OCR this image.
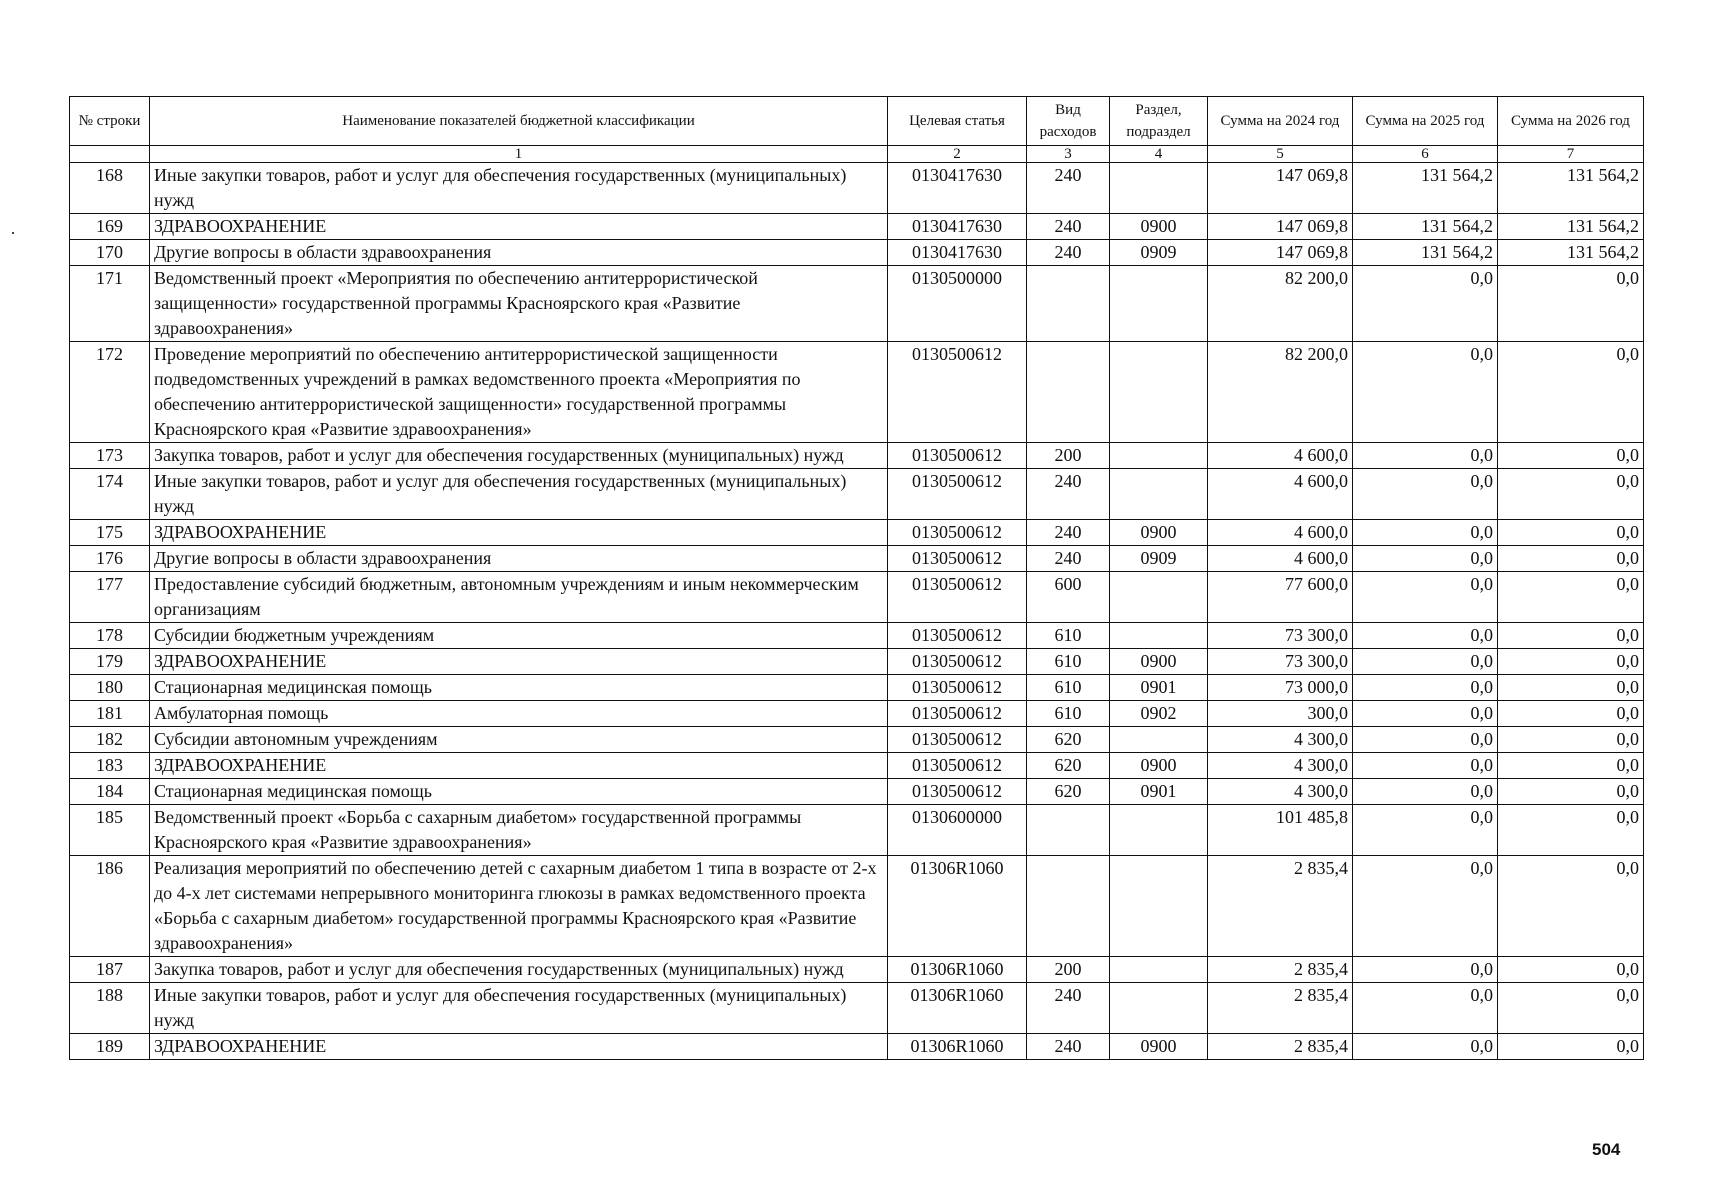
№ строки	Наименование показателей бюджетной классификации	Целевая статья	Вид расходов	Раздел, подраздел	Сумма на 2024 год	Сумма на 2025 год	Сумма на 2026 год
	1	2	3	4	5	6	7
168	Иные закупки товаров, работ и услуг для обеспечения государственных (муниципальных) нужд	0130417630	240		147 069,8	131 564,2	131 564,2
169	ЗДРАВООХРАНЕНИЕ	0130417630	240	0900	147 069,8	131 564,2	131 564,2
170	Другие вопросы в области здравоохранения	0130417630	240	0909	147 069,8	131 564,2	131 564,2
171	Ведомственный проект «Мероприятия по обеспечению антитеррористической защищенности» государственной программы Красноярского края «Развитие здравоохранения»	0130500000			82 200,0	0,0	0,0
172	Проведение мероприятий по обеспечению антитеррористической защищенности подведомственных учреждений в рамках ведомственного проекта «Мероприятия по обеспечению антитеррористической защищенности» государственной программы Красноярского края «Развитие здравоохранения»	0130500612			82 200,0	0,0	0,0
173	Закупка товаров, работ и услуг для обеспечения государственных (муниципальных) нужд	0130500612	200		4 600,0	0,0	0,0
174	Иные закупки товаров, работ и услуг для обеспечения государственных (муниципальных) нужд	0130500612	240		4 600,0	0,0	0,0
175	ЗДРАВООХРАНЕНИЕ	0130500612	240	0900	4 600,0	0,0	0,0
176	Другие вопросы в области здравоохранения	0130500612	240	0909	4 600,0	0,0	0,0
177	Предоставление субсидий бюджетным, автономным учреждениям и иным некоммерческим организациям	0130500612	600		77 600,0	0,0	0,0
178	Субсидии бюджетным учреждениям	0130500612	610		73 300,0	0,0	0,0
179	ЗДРАВООХРАНЕНИЕ	0130500612	610	0900	73 300,0	0,0	0,0
180	Стационарная медицинская помощь	0130500612	610	0901	73 000,0	0,0	0,0
181	Амбулаторная помощь	0130500612	610	0902	300,0	0,0	0,0
182	Субсидии автономным учреждениям	0130500612	620		4 300,0	0,0	0,0
183	ЗДРАВООХРАНЕНИЕ	0130500612	620	0900	4 300,0	0,0	0,0
184	Стационарная медицинская помощь	0130500612	620	0901	4 300,0	0,0	0,0
185	Ведомственный проект «Борьба с сахарным диабетом» государственной программы Красноярского края «Развитие здравоохранения»	0130600000			101 485,8	0,0	0,0
186	Реализация мероприятий по обеспечению детей с сахарным диабетом 1 типа в возрасте от 2-х до 4-х лет системами непрерывного мониторинга глюкозы в рамках ведомственного проекта «Борьба с сахарным диабетом» государственной программы Красноярского края «Развитие здравоохранения»	01306R1060			2 835,4	0,0	0,0
187	Закупка товаров, работ и услуг для обеспечения государственных (муниципальных) нужд	01306R1060	200		2 835,4	0,0	0,0
188	Иные закупки товаров, работ и услуг для обеспечения государственных (муниципальных) нужд	01306R1060	240		2 835,4	0,0	0,0
189	ЗДРАВООХРАНЕНИЕ	01306R1060	240	0900	2 835,4	0,0	0,0
504
